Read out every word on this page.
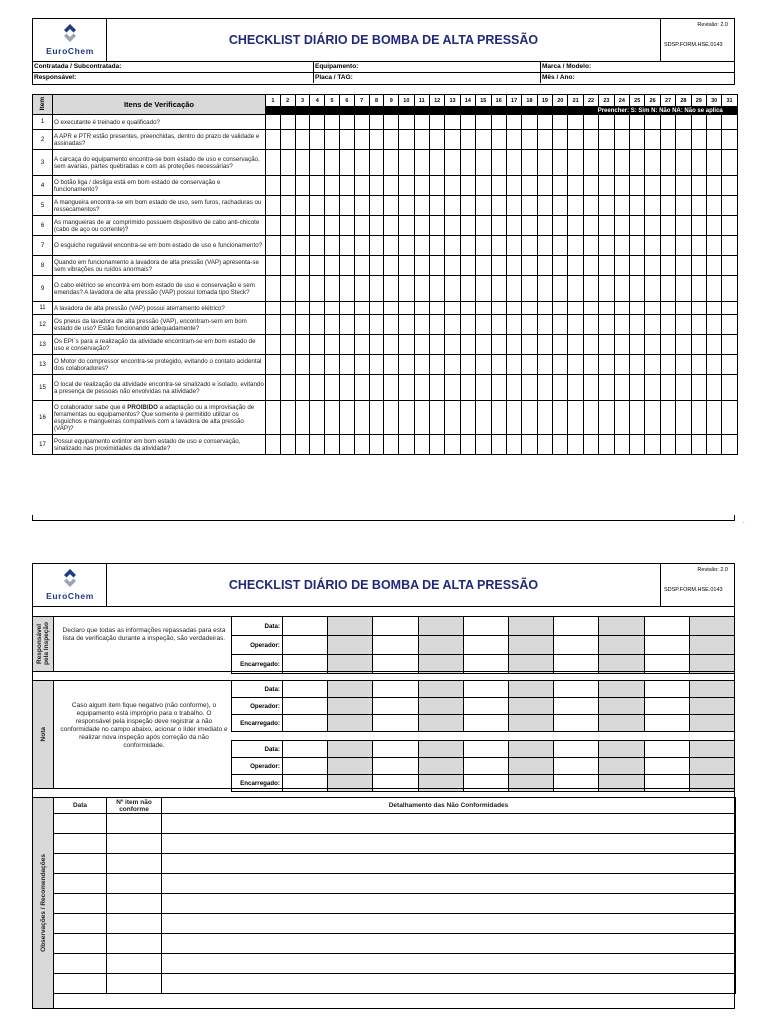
EuroChem
CHECKLIST DIÁRIO DE BOMBA DE ALTA PRESSÃO
Revisão: 2.0
SDSP.FORM.HSE.0143
Contratada / Subcontratada:	Equipamento:	Marca / Modelo:
Responsável:	Placa / TAG:	Mês / Ano:
Item	Itens de Verificação	1	2	3	4	5	6	7	8	9	10	11	12	13	14	15	16	17	18	19	20	21	22	23	24	25	26	27	28	29	30	31
		Preencher: S: Sim N: Não NA: Não se aplica																														
1	O executante é treinado e qualificado?																															
2	A APR e PTR estão presentes, preenchidas, dentro do prazo de validade e assinadas?																															
3	A carcaça do equipamento encontra-se bom estado de uso e conservação, sem avarias, partes quebradas e com as proteções necessárias?																															
4	O botão liga / desliga está em bom estado de conservação e funcionamento?																															
5	A mangueira encontra-se em bom estado de uso, sem furos, rachaduras ou ressecamentos?																															
6	As mangueiras de ar comprimido possuem dispositivo de cabo anti-chicote (cabo de aço ou corrente)?																															
7	O esguicho regulável encontra-se em bom estado de uso e funcionamento?																															
8	Quando em funcionamento a lavadora de alta pressão (VAP) apresenta-se sem vibrações ou ruídos anormais?																															
9	O cabo elétrico se encontra em bom estado de uso e conservação e sem emendas? A lavadora de alta pressão (VAP) possui tomada tipo Steck?																															
11	A lavadora de alta pressão (VAP) possui aterramento elétrico?																															
12	Os pneus da lavadora de alta pressão (VAP), encontram-sem em bom estado de uso? Estão funcionando adequadamente?																															
13	Os EPI´s para a realização da atividade encontram-se em bom estado de uso e conservação?																															
13	O Motor do compressor encontra-se protegido, evitando o contato acidental dos colaboradores?																															
15	O local de realização da atividade encontra-se sinalizado e isolado, evitando a presença de pessoas não envolvidas na atividade?																															
16	O colaborador sabe que é PROIBIDO a adaptação ou a improvisação de ferramentas ou equipamentos? Que somente é permitido utilizar os esguichos e mangueiras compatíveis com a lavadora de alta pressão (VAP)?																															
17	Possui equipamento extintor em bom estado de uso e conservação, sinalizado nas proximidades da atividade?																															
.
EuroChem
CHECKLIST DIÁRIO DE BOMBA DE ALTA PRESSÃO
Revisão: 2.0
SDSP.FORM.HSE.0143
Responsável pela Inspeção	Declaro que todas as informações repassadas para esta lista de verificação durante a inspeção, são verdadeiras.
Data:										
Operador:										
Encarregado:										
Nota
Caso algum item fique negativo (não conforme), o equipamento está impróprio para o trabalho. O responsável pela inspeção deve registrar a não conformidade no campo abaixo, acionar o líder imediato e realizar nova inspeção após correção da não conformidade.
Data:										
Operador:										
Encarregado:										

Data:										
Operador:										
Encarregado:										
Observações / Recomendações
Data	Nº item não conforme	Detalhamento das Não Conformidades
